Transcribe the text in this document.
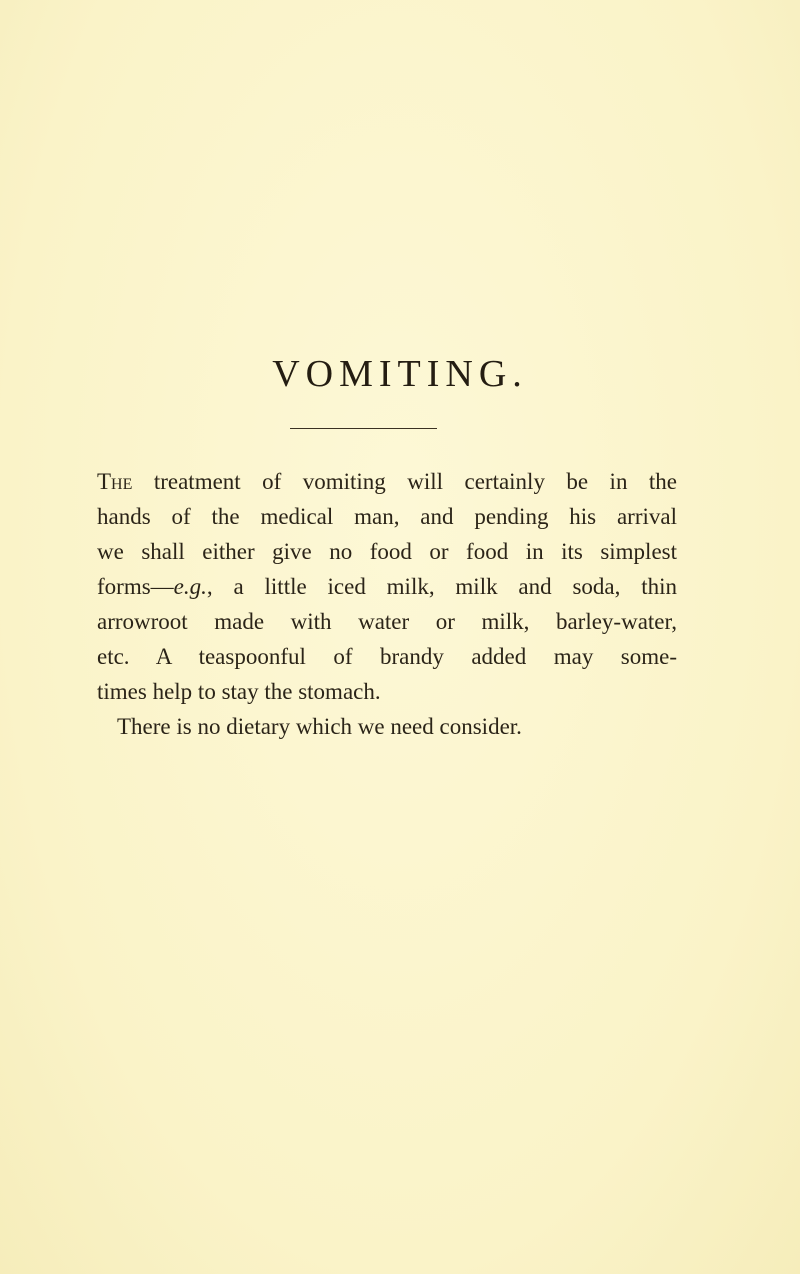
VOMITING.

The treatment of vomiting will certainly be in the
hands of the medical man, and pending his arrival
we shall either give no food or food in its simplest
forms—e.g., a little iced milk, milk and soda, thin
arrowroot made with water or milk, barley-water,
etc. A teaspoonful of brandy added may some-
times help to stay the stomach.

There is no dietary which we need consider.
